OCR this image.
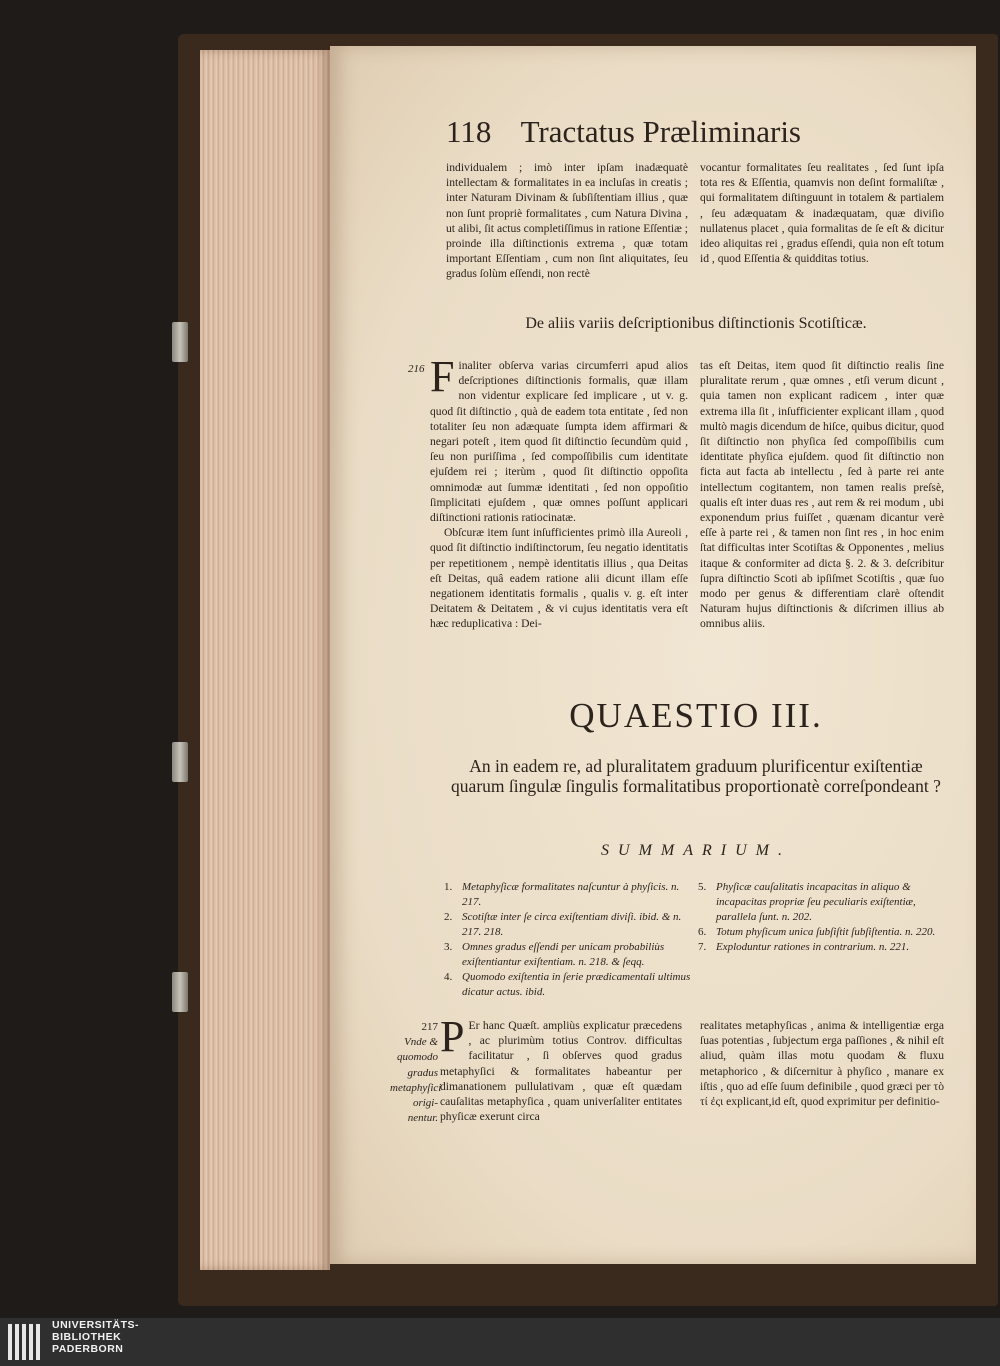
118 Tractatus Præliminaris

individualem ; imò inter ipſam inadæquatè intellectam & formalitates in ea incluſas in creatis ; inter Naturam Divinam & ſubſiſtentiam illius , quæ non ſunt propriè formalitates , cum Natura Divina , ut alibi, ſit actus completiſſimus in ratione Eſſentiæ ; proinde illa diſtinctionis extrema , quæ totam important Eſſentiam , cum non ſint aliquitates, ſeu gradus ſolùm eſſendi, non rectè

vocantur formalitates ſeu realitates , ſed ſunt ipſa tota res & Eſſentia, quamvis non deſint formaliſtæ , qui formalitatem diſtinguunt in totalem & partialem , ſeu adæquatam & inadæquatam, quæ diviſio nullatenus placet , quia formalitas de ſe eſt & dicitur ideo aliquitas rei , gradus eſſendi, quia non eſt totum id , quod Eſſentia & quidditas totius.

De aliis variis deſcriptionibus diſtinctionis Scotiſticæ.
216 Finaliter obſerva varias circumferri apud alios deſcriptiones diſtinctionis formalis, quæ illam non videntur explicare ſed implicare , ut v. g. quod ſit diſtinctio , quà de eadem tota entitate , ſed non totaliter ſeu non adæquate ſumpta idem affirmari & negari poteſt , item quod ſit diſtinctio ſecundùm quid , ſeu non puriſſima , ſed compoſſibilis cum identitate ejuſdem rei ; iterùm , quod ſit diſtinctio oppoſita omnimodæ aut ſummæ identitati , ſed non oppoſitio ſimplicitati ejuſdem , quæ omnes poſſunt applicari diſtinctioni rationis ratiocinatæ.

Obſcuræ item ſunt inſufficientes primò illa Aureoli , quod ſit diſtinctio indiſtinctorum, ſeu negatio identitatis per repetitionem , nempè identitatis illius , qua Deitas eſt Deitas, quâ eadem ratione alii dicunt illam eſſe negationem identitatis formalis , qualis v. g. eſt inter Deitatem & Deitatem , & vi cujus identitatis vera eſt hæc reduplicativa : Dei-

tas eſt Deitas, item quod ſit diſtinctio realis ſine pluralitate rerum , quæ omnes , etſi verum dicunt , quia tamen non explicant radicem , inter quæ extrema illa ſit , inſufficienter explicant illam , quod multò magis dicendum de hiſce, quibus dicitur, quod ſit diſtinctio non phyſica ſed compoſſibilis cum identitate phyſica ejuſdem. quod ſit diſtinctio non ficta aut facta ab intellectu , ſed à parte rei ante intellectum cogitantem, non tamen realis preſsè, qualis eſt inter duas res , aut rem & rei modum , ubi exponendum prius fuiſſet , quænam dicantur verè eſſe à parte rei , & tamen non ſint res , in hoc enim ſtat difficultas inter Scotiſtas & Opponentes , melius itaque & conformiter ad dicta §. 2. & 3. deſcribitur ſupra diſtinctio Scoti ab ipſiſmet Scotiſtis , quæ ſuo modo per genus & differentiam clarè oſtendit Naturam hujus diſtinctionis & diſcrimen illius ab omnibus aliis.

QUAESTIO III.
An in eadem re, ad pluralitatem graduum plurificentur exiſtentiæ quarum ſingulæ ſingulis formalitatibus proportionatè correſpondeant ?
SUMMARIUM.
1. Metaphyſicæ formalitates naſcuntur à phyſicis. n. 217.
2. Scotiſtæ inter ſe circa exiſtentiam diviſi. ibid. & n. 217. 218.
3. Omnes gradus eſſendi per unicam probabiliùs exiſtentiantur exiſtentiam. n. 218. & ſeqq.
4. Quomodo exiſtentia in ſerie prædicamentali ultimus dicatur actus. ibid.
5. Phyſicæ cauſalitatis incapacitas in aliquo & incapacitas propriæ ſeu peculiaris exiſtentiæ, parallela ſunt. n. 202.
6. Totum phyſicum unica ſubſiſtit ſubſiſtentia. n. 220.
7. Exploduntur rationes in contrarium. n. 221.
217
Vnde & quomodo gradus metaphyſici origi- nentur.

P Er hanc Quæſt. ampliùs explicatur præcedens , ac plurimùm totius Controv. difficultas facilitatur , ſi obſerves quod gradus metaphyſici & formalitates habeantur per dimanationem pullulativam , quæ eſt quædam cauſalitas metaphyſica , quam univerſaliter entitates phyſicæ exerunt circa

realitates metaphyſicas , anima & intelligentiæ erga ſuas potentias , ſubjectum erga paſſiones , & nihil eſt aliud, quàm illas motu quodam & fluxu metaphorico , & diſcernitur à phyſico , manare ex iſtis , quo ad eſſe ſuum definibile , quod græci per τὸ τί ἐςι explicant,id eſt, quod exprimitur per definitio-

UNIVERSITÄTS-
BIBLIOTHEK
PADERBORN
